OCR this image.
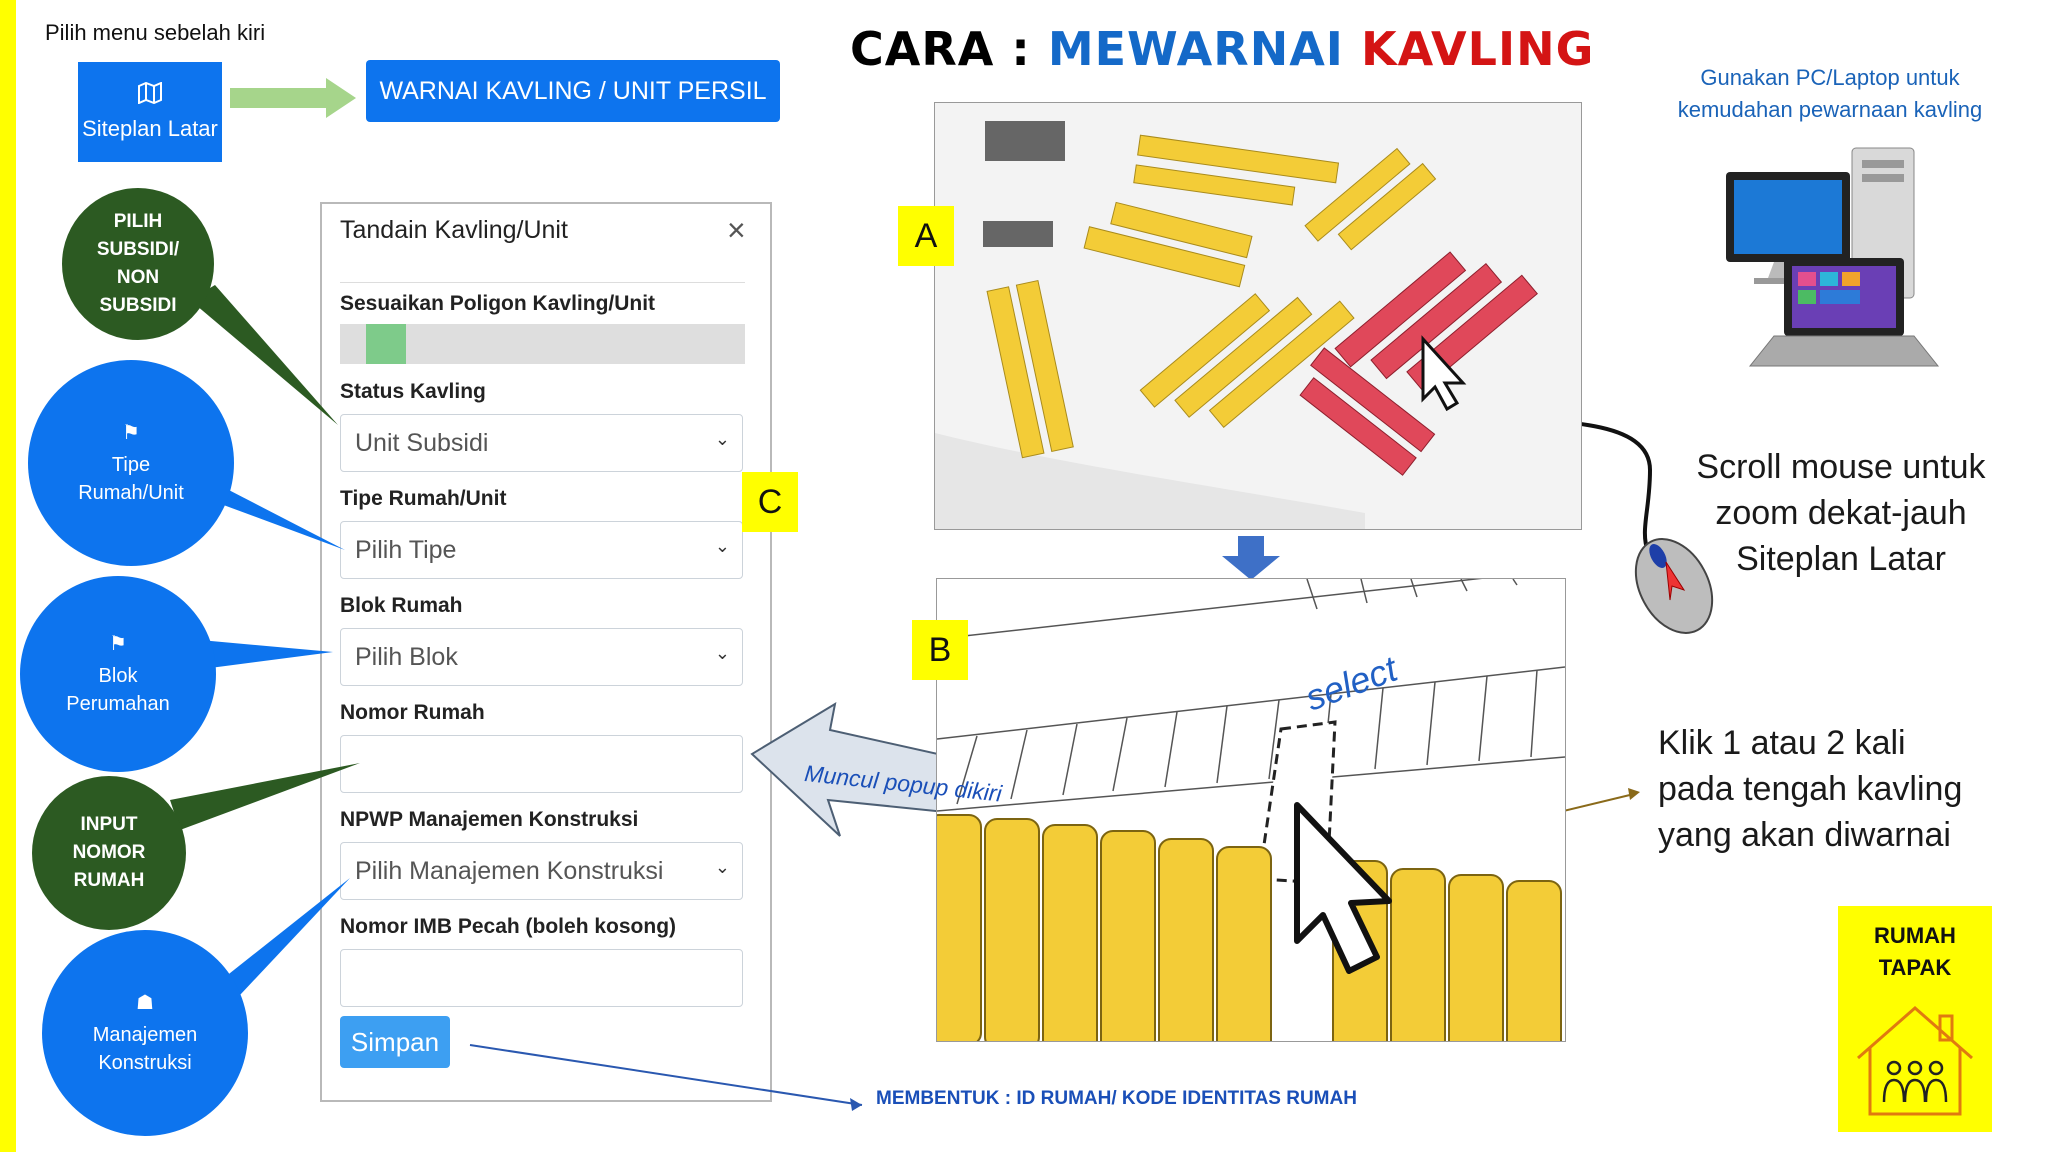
Pilih menu sebelah kiri
Siteplan Latar
WARNAI KAVLING / UNIT PERSIL
CARA : MEWARNAI KAVLING
Gunakan PC/Laptop untuk
kemudahan pewarnaan kavling
Tandain Kavling/Unit	×
Sesuaikan Poligon Kavling/Unit
Status Kavling
Unit Subsidi	⌄
Tipe Rumah/Unit
Pilih Tipe	⌄
Blok Rumah
Pilih Blok	⌄
Nomor Rumah
NPWP Manajemen Konstruksi
Pilih Manajemen Konstruksi	⌄
Nomor IMB Pecah (boleh kosong)
Simpan
PILIH
SUBSIDI/
NON
SUBSIDI
⚑
Tipe
Rumah/Unit
⚑
Blok
Perumahan
INPUT
NOMOR
RUMAH
☗
Manajemen
Konstruksi
A
B
C
Muncul popup dikiri
select
Scroll mouse untuk
zoom dekat-jauh
Siteplan Latar
Klik 1 atau 2 kali
pada tengah kavling
yang akan diwarnai
MEMBENTUK : ID RUMAH/ KODE IDENTITAS RUMAH
RUMAH
TAPAK
